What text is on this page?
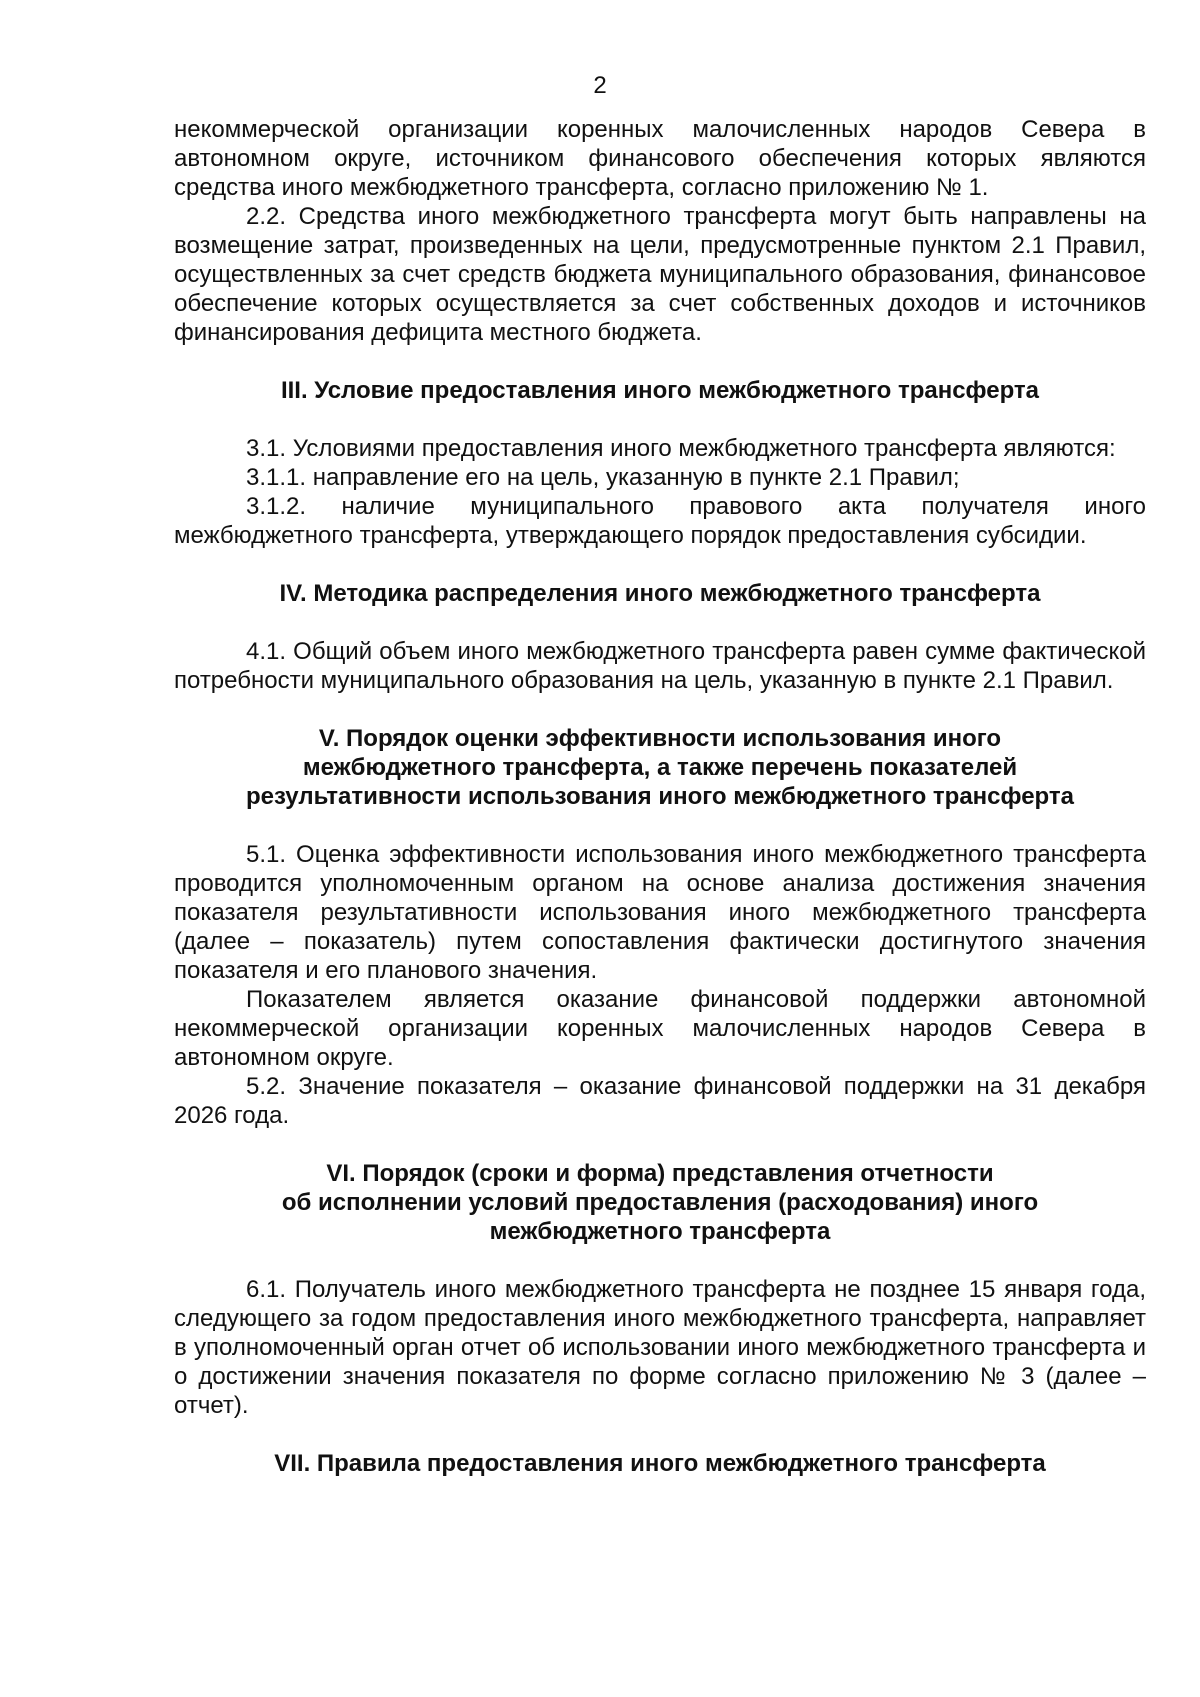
2

некоммерческой организации коренных малочисленных народов Севера в автономном округе, источником финансового обеспечения которых являются средства иного межбюджетного трансферта, согласно приложению № 1.

2.2. Средства иного межбюджетного трансферта могут быть направлены на возмещение затрат, произведенных на цели, предусмотренные пунктом 2.1 Правил, осуществленных за счет средств бюджета муниципального образования, финансовое обеспечение которых осуществляется за счет собственных доходов и источников финансирования дефицита местного бюджета.

III. Условие предоставления иного межбюджетного трансферта

3.1. Условиями предоставления иного межбюджетного трансферта являются:

3.1.1. направление его на цель, указанную в пункте 2.1 Правил;

3.1.2. наличие муниципального правового акта получателя иного межбюджетного трансферта, утверждающего порядок предоставления субсидии.

IV. Методика распределения иного межбюджетного трансферта

4.1. Общий объем иного межбюджетного трансферта равен сумме фактической потребности муниципального образования на цель, указанную в пункте 2.1 Правил.

V. Порядок оценки эффективности использования иного
межбюджетного трансферта, а также перечень показателей
результативности использования иного межбюджетного трансферта

5.1. Оценка эффективности использования иного межбюджетного трансферта проводится уполномоченным органом на основе анализа достижения значения показателя результативности использования иного межбюджетного трансферта (далее – показатель) путем сопоставления фактически достигнутого значения показателя и его планового значения.

Показателем является оказание финансовой поддержки автономной некоммерческой организации коренных малочисленных народов Севера в автономном округе.

5.2. Значение показателя – оказание финансовой поддержки на 31 декабря 2026 года.

VI. Порядок (сроки и форма) представления отчетности
об исполнении условий предоставления (расходования) иного
межбюджетного трансферта

6.1. Получатель иного межбюджетного трансферта не позднее 15 января года, следующего за годом предоставления иного межбюджетного трансферта, направляет в уполномоченный орган отчет об использовании иного межбюджетного трансферта и о достижении значения показателя по форме согласно приложению № 3 (далее – отчет).

VII. Правила предоставления иного межбюджетного трансферта
